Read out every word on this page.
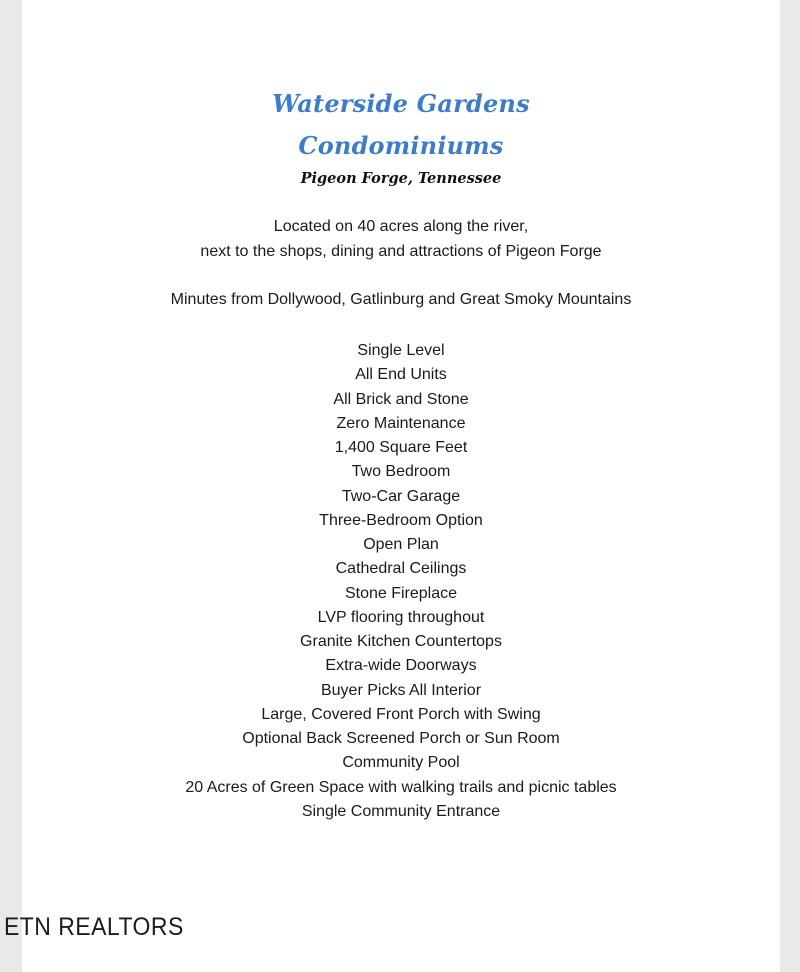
Waterside Gardens
Condominiums
Pigeon Forge, Tennessee
Located on 40 acres along the river,
next to the shops, dining and attractions of Pigeon Forge
Minutes from Dollywood, Gatlinburg and Great Smoky Mountains
Single Level
All End Units
All Brick and Stone
Zero Maintenance
1,400 Square Feet
Two Bedroom
Two-Car Garage
Three-Bedroom Option
Open Plan
Cathedral Ceilings
Stone Fireplace
LVP flooring throughout
Granite Kitchen Countertops
Extra-wide Doorways
Buyer Picks All Interior
Large, Covered Front Porch with Swing
Optional Back Screened Porch or Sun Room
Community Pool
20 Acres of Green Space with walking trails and picnic tables
Single Community Entrance
ETN REALTORS
